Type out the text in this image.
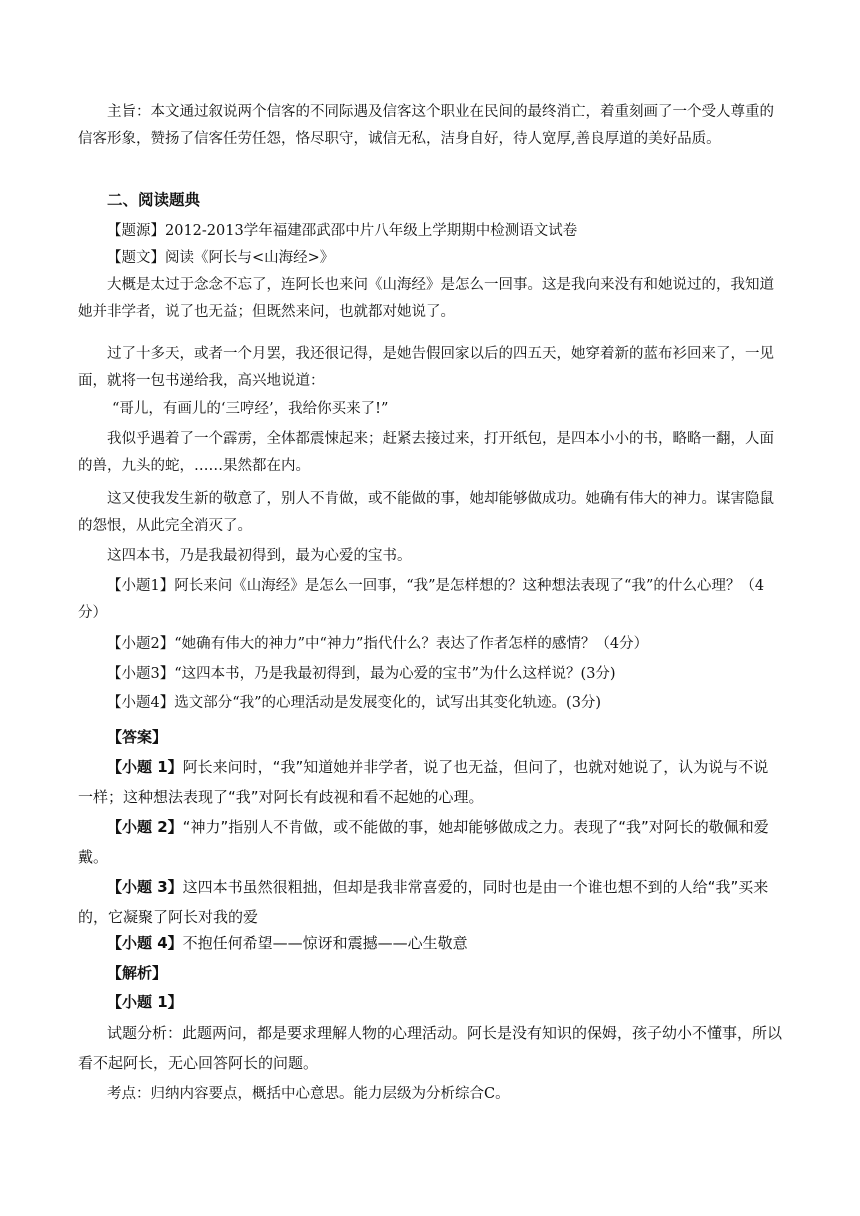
主旨：本文通过叙说两个信客的不同际遇及信客这个职业在民间的最终消亡，着重刻画了一个受人尊重的信客形象，赞扬了信客任劳任怨，恪尽职守，诚信无私，洁身自好，待人宽厚,善良厚道的美好品质。

二、阅读题典

【题源】2012-2013学年福建邵武邵中片八年级上学期期中检测语文试卷

【题文】阅读《阿长与<山海经>》

大概是太过于念念不忘了，连阿长也来问《山海经》是怎么一回事。这是我向来没有和她说过的，我知道她并非学者，说了也无益；但既然来问，也就都对她说了。

过了十多天，或者一个月罢，我还很记得，是她告假回家以后的四五天，她穿着新的蓝布衫回来了，一见面，就将一包书递给我，高兴地说道：

“哥儿，有画儿的‘三哼经’，我给你买来了!”

我似乎遇着了一个霹雳，全体都震悚起来；赶紧去接过来，打开纸包，是四本小小的书，略略一翻，人面的兽，九头的蛇，……果然都在内。

这又使我发生新的敬意了，别人不肯做，或不能做的事，她却能够做成功。她确有伟大的神力。谋害隐鼠的怨恨，从此完全消灭了。

这四本书，乃是我最初得到，最为心爱的宝书。

【小题1】阿长来问《山海经》是怎么一回事，“我”是怎样想的？这种想法表现了“我”的什么心理？（4分）

【小题2】“她确有伟大的神力”中“神力”指代什么？表达了作者怎样的感情？（4分）

【小题3】“这四本书，乃是我最初得到，最为心爱的宝书”为什么这样说？(3分)

【小题4】选文部分“我”的心理活动是发展变化的，试写出其变化轨迹。(3分)

【答案】

【小题 1】阿长来问时，“我”知道她并非学者，说了也无益，但问了，也就对她说了，认为说与不说一样；这种想法表现了“我”对阿长有歧视和看不起她的心理。

【小题 2】“神力”指别人不肯做，或不能做的事，她却能够做成之力。表现了“我”对阿长的敬佩和爱戴。

【小题 3】这四本书虽然很粗拙，但却是我非常喜爱的，同时也是由一个谁也想不到的人给“我”买来的，它凝聚了阿长对我的爱

【小题 4】不抱任何希望——惊讶和震撼——心生敬意

【解析】

【小题 1】

试题分析：此题两问，都是要求理解人物的心理活动。阿长是没有知识的保姆，孩子幼小不懂事，所以看不起阿长，无心回答阿长的问题。

考点：归纳内容要点，概括中心意思。能力层级为分析综合C。
